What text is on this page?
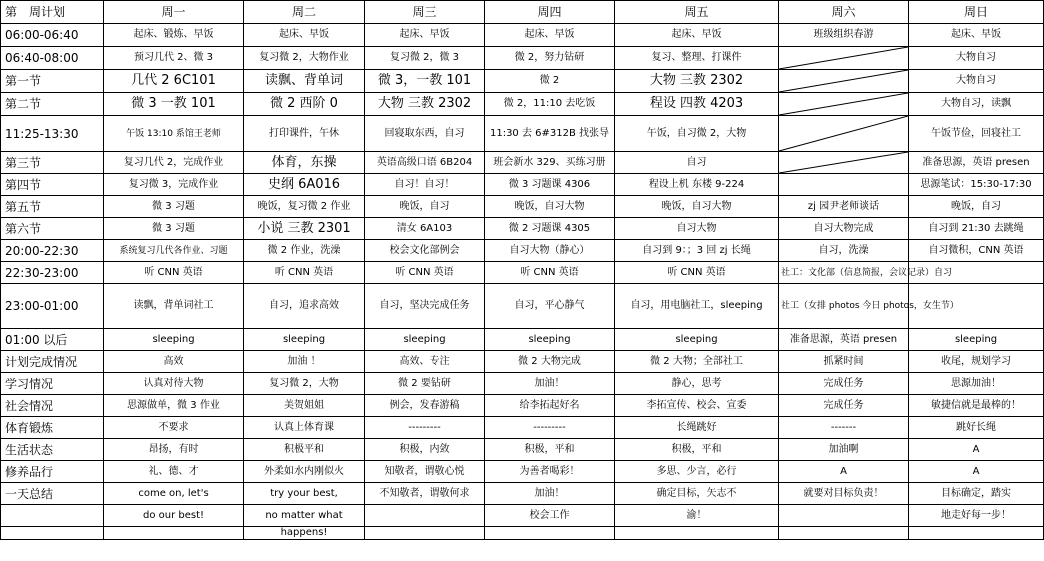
第　周计划	周一	周二	周三	周四	周五	周六	周日
06:00-06:40	起床、锻炼、早饭	起床、早饭	起床、早饭	起床、早饭	起床、早饭	班级组织春游	起床、早饭
06:40-08:00	预习几代 2、微 3	复习微 2，大物作业	复习微 2，微 3	微 2，努力钻研	复习、整理、打课件		大物自习
第一节	几代 2 6C101	读飘、背单词	微 3，一教 101	微 2	大物 三教 2302		大物自习
第二节	微 3 一教 101	微 2 西阶 0	大物 三教 2302	微 2，11:10 去吃饭	程设 四教 4203		大物自习，读飘
11:25-13:30	午饭 13:10 系馆王老师	打印课件，午休	回寝取东西，自习	11:30 去 6#312B 找张导	午饭，自习微 2，大物		午饭节俭，回寝社工
第三节	复习几代 2，完成作业	体育，东操	英语高级口语 6B204	班会新水 329、买练习册	自习		准备思源，英语 presen
第四节	复习微 3，完成作业	史纲 6A016	自习！自习！	微 3 习题课 4306	程设上机 东楼 9-224		思源笔试：15:30-17:30
第五节	微 3 习题	晚饭，复习微 2 作业	晚饭，自习	晚饭，自习大物	晚饭，自习大物	zj 园尹老师谈话	晚饭，自习
第六节	微 3 习题	小说 三教 2301	清女 6A103	微 2 习题课 4305	自习大物	自习大物完成	自习到 21:30 去跳绳
20:00-22:30	系统复习几代各作业、习题	微 2 作业，洗澡	校会文化部例会	自习大物（静心）	自习到 9：；3 回 zj 长绳	自习，洗澡	自习微积，CNN 英语
22:30-23:00	听 CNN 英语	听 CNN 英语	听 CNN 英语	听 CNN 英语	听 CNN 英语	社工：文化部（信息简报，会议记录）自习	
23:00-01:00	读飘，背单词社工	自习，追求高效	自习，坚决完成任务	自习，平心静气	自习，用电脑社工，sleeping	社工（女排 photos 今日 photos，女生节）	
01:00 以后	sleeping	sleeping	sleeping	sleeping	sleeping	准备思源，英语 presen	sleeping
计划完成情况	高效	加油 ！	高效、专注	微 2 大物完成	微 2 大物；全部社工	抓紧时间	收尾，规划学习
学习情况	认真对待大物	复习微 2，大物	微 2 要钻研	加油！	静心，思考	完成任务	思源加油！
社会情况	思源做单，微 3 作业	美贺姐姐	例会，发春游稿	给李拓起好名	李拓宣传、校会、宣委	完成任务	敏捷信就是最棒的！
体育锻炼	不要求	认真上体育课	---------	---------	长绳跳好	-------	跳好长绳
生活状态	昂扬，有时	积极平和	积极，内敛	积极，平和	积极，平和	加油啊	A
修养品行	礼、德、才	外柔如水内刚似火	知敬者，谓敬心悦	为善者喝彩！	多思、少言，必行	A	A
一天总结	come on, let's	try your best,	不知敬者，谓敬何求	加油！	确定目标，矢志不	就要对目标负责！	目标确定，踏实
	do our best!	no matter what		校会工作	渝！		地走好每一步！
		happens!					
